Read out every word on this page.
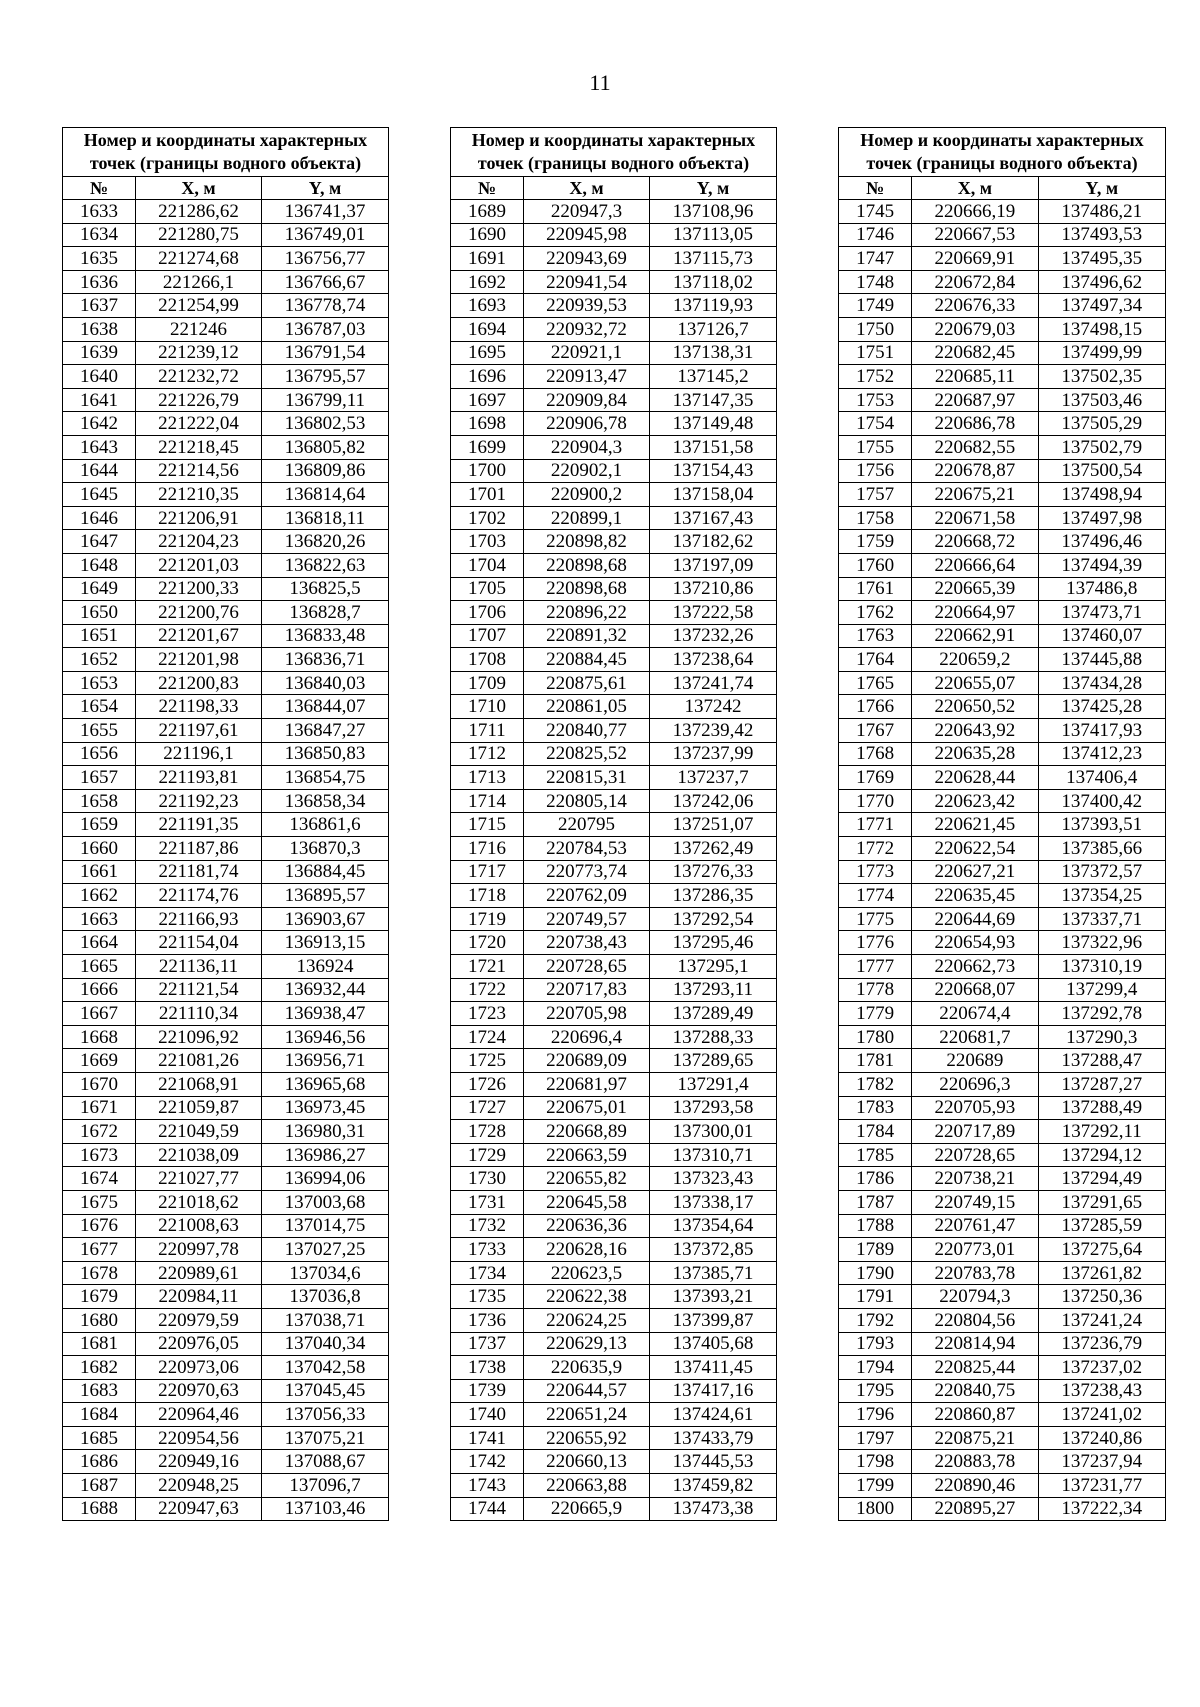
11
Номер и координаты характерных точек (границы водного объекта)		
№	X, м	Y, м
1633	221286,62	136741,37
1634	221280,75	136749,01
1635	221274,68	136756,77
1636	221266,1	136766,67
1637	221254,99	136778,74
1638	221246	136787,03
1639	221239,12	136791,54
1640	221232,72	136795,57
1641	221226,79	136799,11
1642	221222,04	136802,53
1643	221218,45	136805,82
1644	221214,56	136809,86
1645	221210,35	136814,64
1646	221206,91	136818,11
1647	221204,23	136820,26
1648	221201,03	136822,63
1649	221200,33	136825,5
1650	221200,76	136828,7
1651	221201,67	136833,48
1652	221201,98	136836,71
1653	221200,83	136840,03
1654	221198,33	136844,07
1655	221197,61	136847,27
1656	221196,1	136850,83
1657	221193,81	136854,75
1658	221192,23	136858,34
1659	221191,35	136861,6
1660	221187,86	136870,3
1661	221181,74	136884,45
1662	221174,76	136895,57
1663	221166,93	136903,67
1664	221154,04	136913,15
1665	221136,11	136924
1666	221121,54	136932,44
1667	221110,34	136938,47
1668	221096,92	136946,56
1669	221081,26	136956,71
1670	221068,91	136965,68
1671	221059,87	136973,45
1672	221049,59	136980,31
1673	221038,09	136986,27
1674	221027,77	136994,06
1675	221018,62	137003,68
1676	221008,63	137014,75
1677	220997,78	137027,25
1678	220989,61	137034,6
1679	220984,11	137036,8
1680	220979,59	137038,71
1681	220976,05	137040,34
1682	220973,06	137042,58
1683	220970,63	137045,45
1684	220964,46	137056,33
1685	220954,56	137075,21
1686	220949,16	137088,67
1687	220948,25	137096,7
1688	220947,63	137103,46
Номер и координаты характерных точек (границы водного объекта)		
№	X, м	Y, м
1689	220947,3	137108,96
1690	220945,98	137113,05
1691	220943,69	137115,73
1692	220941,54	137118,02
1693	220939,53	137119,93
1694	220932,72	137126,7
1695	220921,1	137138,31
1696	220913,47	137145,2
1697	220909,84	137147,35
1698	220906,78	137149,48
1699	220904,3	137151,58
1700	220902,1	137154,43
1701	220900,2	137158,04
1702	220899,1	137167,43
1703	220898,82	137182,62
1704	220898,68	137197,09
1705	220898,68	137210,86
1706	220896,22	137222,58
1707	220891,32	137232,26
1708	220884,45	137238,64
1709	220875,61	137241,74
1710	220861,05	137242
1711	220840,77	137239,42
1712	220825,52	137237,99
1713	220815,31	137237,7
1714	220805,14	137242,06
1715	220795	137251,07
1716	220784,53	137262,49
1717	220773,74	137276,33
1718	220762,09	137286,35
1719	220749,57	137292,54
1720	220738,43	137295,46
1721	220728,65	137295,1
1722	220717,83	137293,11
1723	220705,98	137289,49
1724	220696,4	137288,33
1725	220689,09	137289,65
1726	220681,97	137291,4
1727	220675,01	137293,58
1728	220668,89	137300,01
1729	220663,59	137310,71
1730	220655,82	137323,43
1731	220645,58	137338,17
1732	220636,36	137354,64
1733	220628,16	137372,85
1734	220623,5	137385,71
1735	220622,38	137393,21
1736	220624,25	137399,87
1737	220629,13	137405,68
1738	220635,9	137411,45
1739	220644,57	137417,16
1740	220651,24	137424,61
1741	220655,92	137433,79
1742	220660,13	137445,53
1743	220663,88	137459,82
1744	220665,9	137473,38
Номер и координаты характерных точек (границы водного объекта)		
№	X, м	Y, м
1745	220666,19	137486,21
1746	220667,53	137493,53
1747	220669,91	137495,35
1748	220672,84	137496,62
1749	220676,33	137497,34
1750	220679,03	137498,15
1751	220682,45	137499,99
1752	220685,11	137502,35
1753	220687,97	137503,46
1754	220686,78	137505,29
1755	220682,55	137502,79
1756	220678,87	137500,54
1757	220675,21	137498,94
1758	220671,58	137497,98
1759	220668,72	137496,46
1760	220666,64	137494,39
1761	220665,39	137486,8
1762	220664,97	137473,71
1763	220662,91	137460,07
1764	220659,2	137445,88
1765	220655,07	137434,28
1766	220650,52	137425,28
1767	220643,92	137417,93
1768	220635,28	137412,23
1769	220628,44	137406,4
1770	220623,42	137400,42
1771	220621,45	137393,51
1772	220622,54	137385,66
1773	220627,21	137372,57
1774	220635,45	137354,25
1775	220644,69	137337,71
1776	220654,93	137322,96
1777	220662,73	137310,19
1778	220668,07	137299,4
1779	220674,4	137292,78
1780	220681,7	137290,3
1781	220689	137288,47
1782	220696,3	137287,27
1783	220705,93	137288,49
1784	220717,89	137292,11
1785	220728,65	137294,12
1786	220738,21	137294,49
1787	220749,15	137291,65
1788	220761,47	137285,59
1789	220773,01	137275,64
1790	220783,78	137261,82
1791	220794,3	137250,36
1792	220804,56	137241,24
1793	220814,94	137236,79
1794	220825,44	137237,02
1795	220840,75	137238,43
1796	220860,87	137241,02
1797	220875,21	137240,86
1798	220883,78	137237,94
1799	220890,46	137231,77
1800	220895,27	137222,34
